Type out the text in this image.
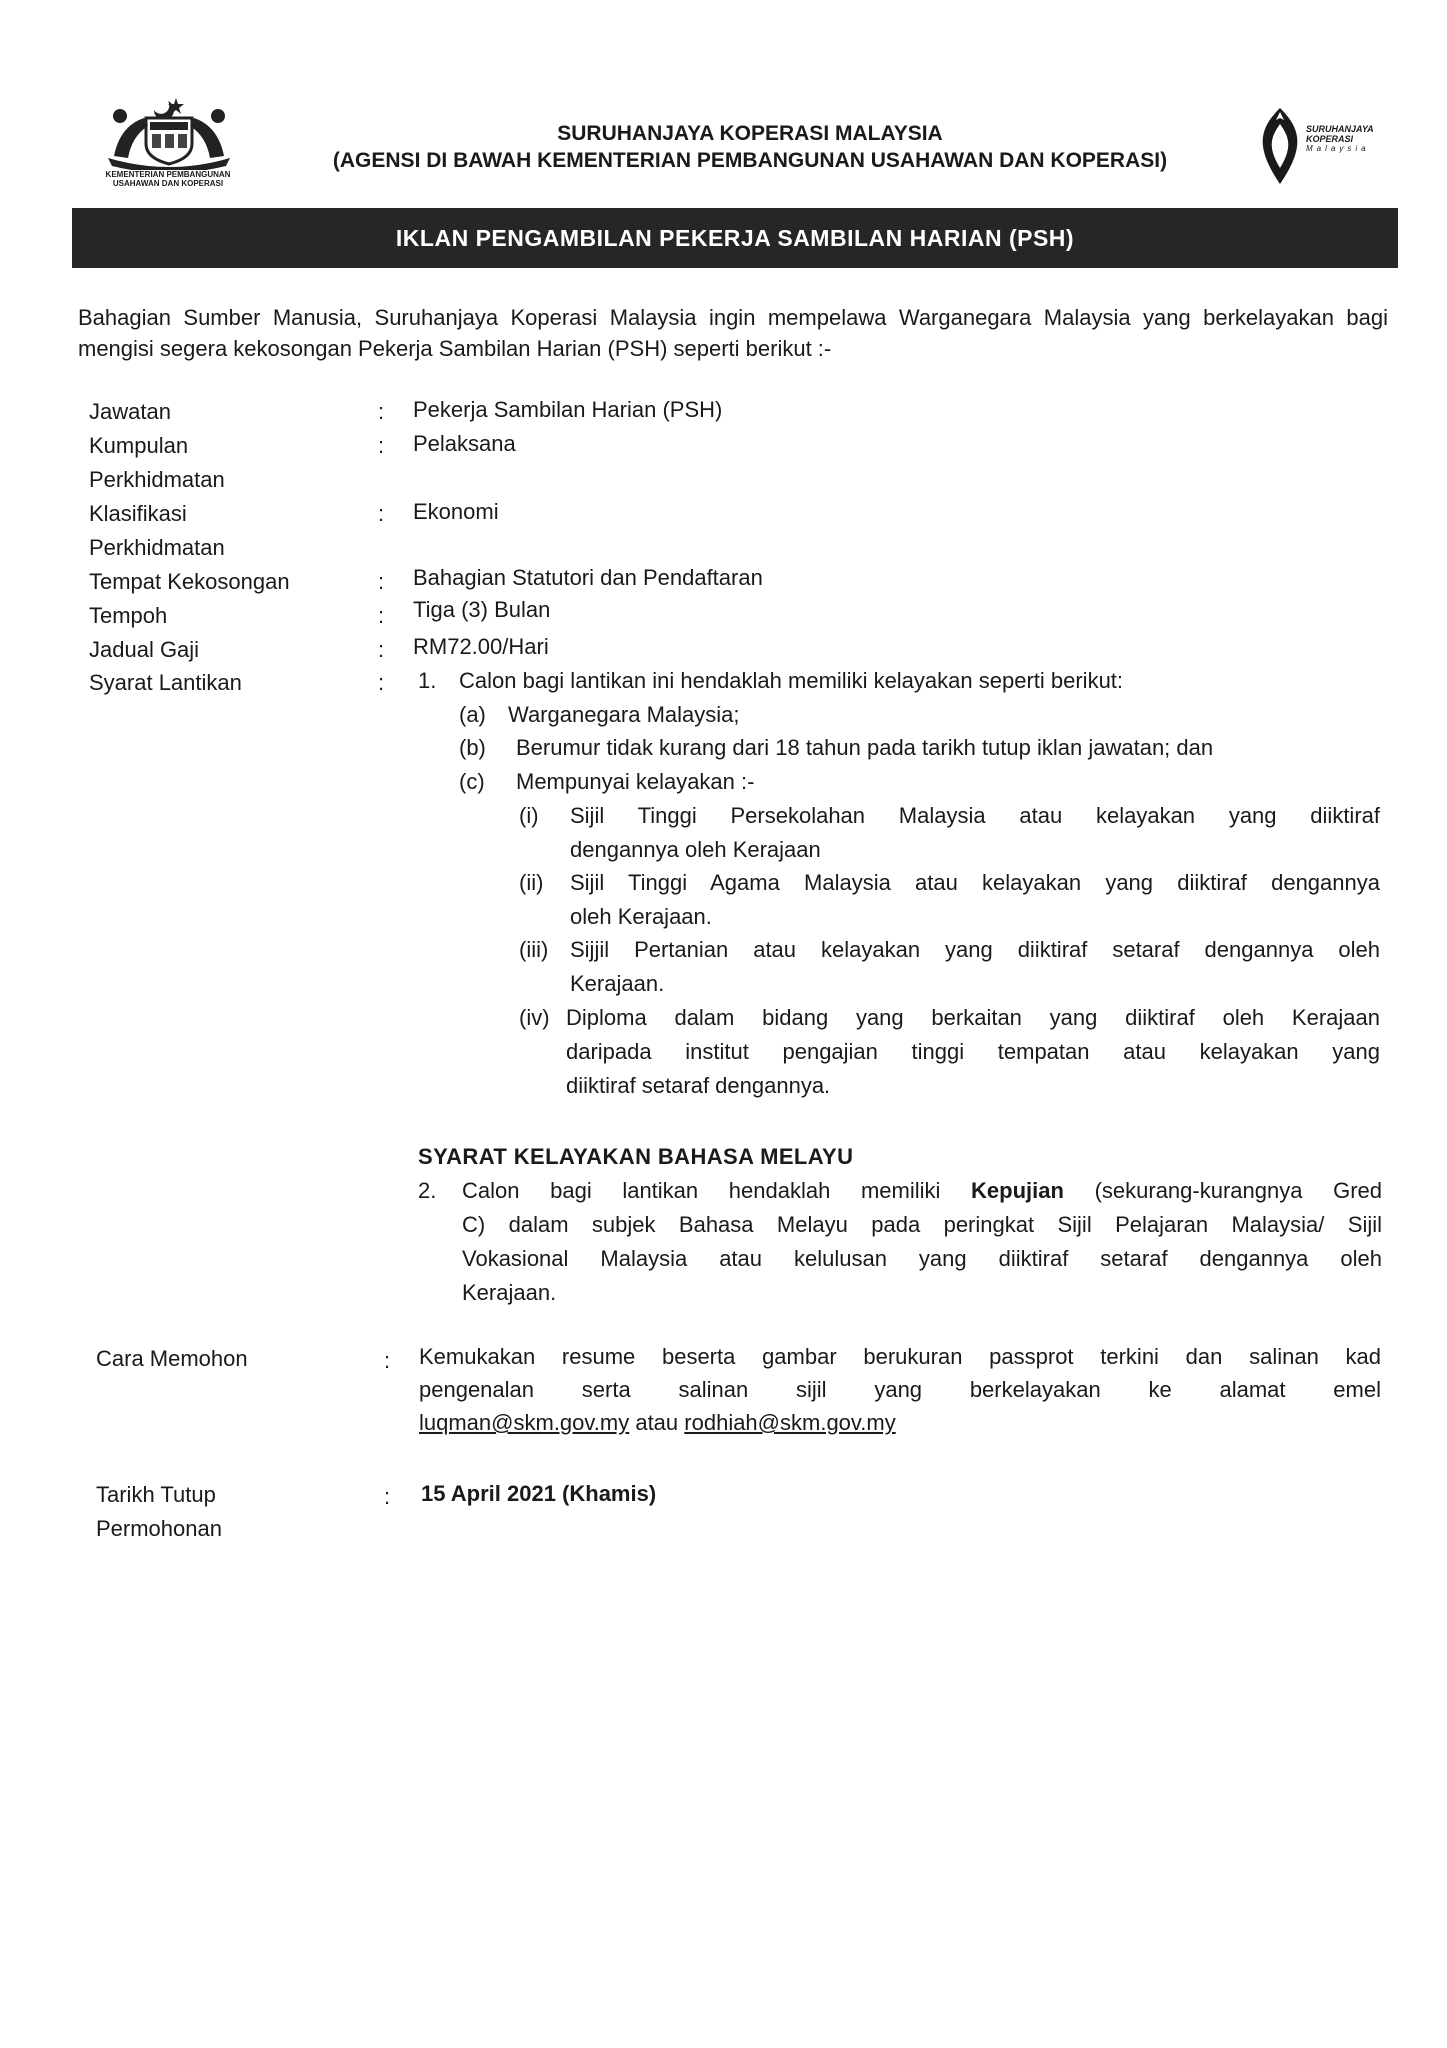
KEMENTERIAN PEMBANGUNAN
USAHAWAN DAN KOPERASI
SURUHANJAYA KOPERASI MALAYSIA
(AGENSI DI BAWAH KEMENTERIAN PEMBANGUNAN USAHAWAN DAN KOPERASI)
SURUHANJAYA
KOPERASI
Malaysia
IKLAN PENGAMBILAN PEKERJA SAMBILAN HARIAN (PSH)
Bahagian Sumber Manusia, Suruhanjaya Koperasi Malaysia ingin mempelawa Warganegara Malaysia yang berkelayakan bagi mengisi segera kekosongan Pekerja Sambilan Harian (PSH) seperti berikut :-
Jawatan	: Pekerja Sambilan Harian (PSH)
Kumpulan
Perkhidmatan
: Pelaksana
Klasifikasi
Perkhidmatan
: Ekonomi
Tempat Kekosongan	: Bahagian Statutori dan Pendaftaran
Tempoh	: Tiga (3) Bulan
Jadual Gaji	: RM72.00/Hari
Syarat Lantikan	: 1. Calon bagi lantikan ini hendaklah memiliki kelayakan seperti berikut:
(a) Warganegara Malaysia;
(b) Berumur tidak kurang dari 18 tahun pada tarikh tutup iklan jawatan; dan
(c) Mempunyai kelayakan :-
(i) Sijil Tinggi Persekolahan Malaysia atau kelayakan yang diiktiraf
dengannya oleh Kerajaan
(ii) Sijil Tinggi Agama Malaysia atau kelayakan yang diiktiraf dengannya
oleh Kerajaan.
(iii) Sijjil Pertanian atau kelayakan yang diiktiraf setaraf dengannya oleh
Kerajaan.
(iv) Diploma dalam bidang yang berkaitan yang diiktiraf oleh Kerajaan
daripada institut pengajian tinggi tempatan atau kelayakan yang
diiktiraf setaraf dengannya.
SYARAT KELAYAKAN BAHASA MELAYU
2. Calon bagi lantikan hendaklah memiliki Kepujian (sekurang-kurangnya Gred
C) dalam subjek Bahasa Melayu pada peringkat Sijil Pelajaran Malaysia/ Sijil
Vokasional Malaysia atau kelulusan yang diiktiraf setaraf dengannya oleh
Kerajaan.
Cara Memohon	: Kemukakan resume beserta gambar berukuran passprot terkini dan salinan kad
pengenalan serta salinan sijil yang berkelayakan ke alamat emel
luqman@skm.gov.my atau rodhiah@skm.gov.my
Tarikh Tutup
Permohonan
: 15 April 2021 (Khamis)
